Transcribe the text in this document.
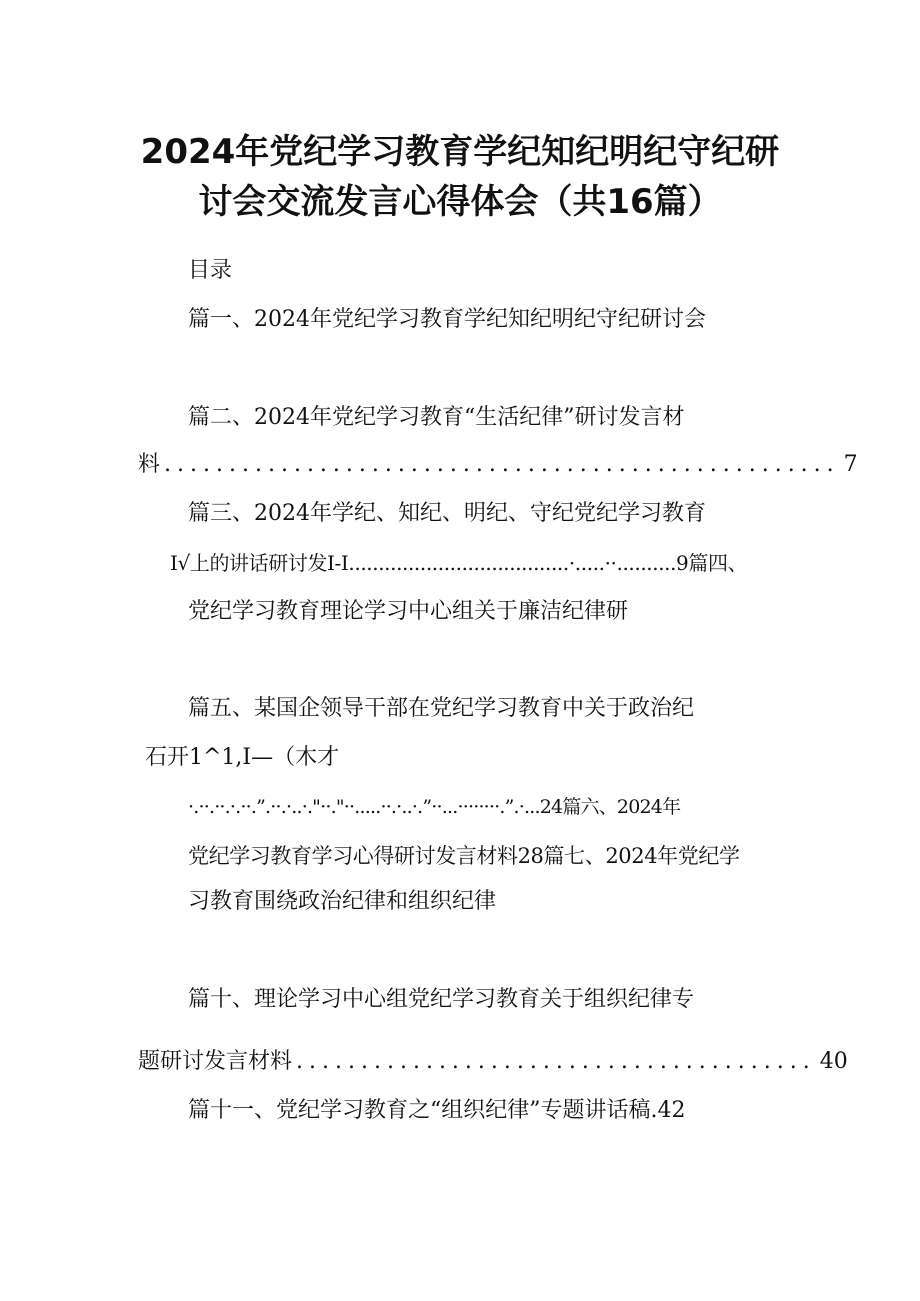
2024年党纪学习教育学纪知纪明纪守纪研
讨会交流发言心得体会（共16篇）
目录
篇一、2024年党纪学习教育学纪知纪明纪守纪研讨会
篇二、2024年党纪学习教育“生活纪律”研讨发言材
料 .................................................... 7
篇三、2024年学纪、知纪、明纪、守纪党纪学习教育
I√上的讲话研讨发I-I.....................................·.....··..........9篇四、
党纪学习教育理论学习中心组关于廉洁纪律研
篇五、某国企领导干部在党纪学习教育中关于政治纪
石开1^1,I—（木才
·.··.··.·.··.”.··.·..·."··."··.....··.·..·.”··...········.”.·...24篇六、2024年
党纪学习教育学习心得研讨发言材料28篇七、2024年党纪学
习教育围绕政治纪律和组织纪律
篇十、理论学习中心组党纪学习教育关于组织纪律专
题研讨发言材料 ........................................ 40
篇十一、党纪学习教育之“组织纪律”专题讲话稿.42
